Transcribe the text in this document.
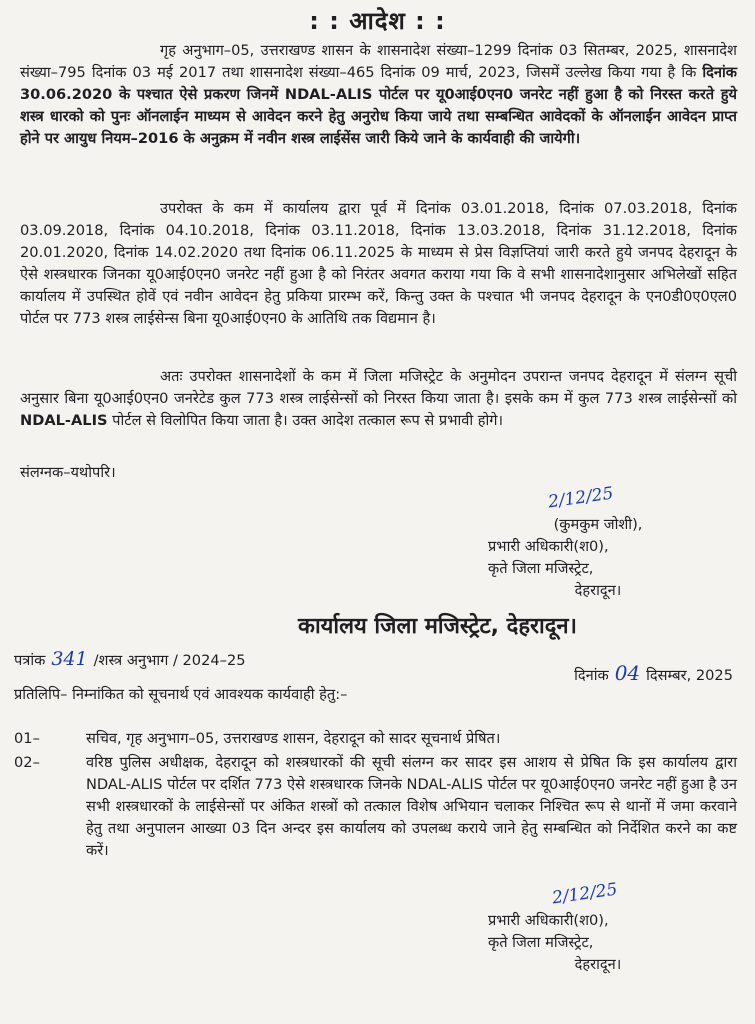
: : आदेश : :
गृह अनुभाग–05, उत्तराखण्ड शासन के शासनादेश संख्या–1299 दिनांक 03 सितम्बर, 2025, शासनादेश संख्या–795 दिनांक 03 मई 2017 तथा शासनादेश संख्या–465 दिनांक 09 मार्च, 2023, जिसमें उल्लेख किया गया है कि दिनांक 30.06.2020 के पश्चात ऐसे प्रकरण जिनमें NDAL-ALIS पोर्टल पर यू0आई0एन0 जनरेट नहीं हुआ है को निरस्त करते हुये शस्त्र धारको को पुनः ऑनलाईन माध्यम से आवेदन करने हेतु अनुरोध किया जाये तथा सम्बन्धित आवेदकों के ऑनलाईन आवेदन प्राप्त होने पर आयुध नियम–2016 के अनुक्रम में नवीन शस्त्र लाईसेंस जारी किये जाने के कार्यवाही की जायेगी।
उपरोक्त के कम में कार्यालय द्वारा पूर्व में दिनांक 03.01.2018, दिनांक 07.03.2018, दिनांक 03.09.2018, दिनांक 04.10.2018, दिनांक 03.11.2018, दिनांक 13.03.2018, दिनांक 31.12.2018, दिनांक 20.01.2020, दिनांक 14.02.2020 तथा दिनांक 06.11.2025 के माध्यम से प्रेस विज्ञप्तियां जारी करते हुये जनपद देहरादून के ऐसे शस्त्रधारक जिनका यू0आई0एन0 जनरेट नहीं हुआ है को निरंतर अवगत कराया गया कि वे सभी शासनादेशानुसार अभिलेखों सहित कार्यालय में उपस्थित होवें एवं नवीन आवेदन हेतु प्रकिया प्रारम्भ करें, किन्तु उक्त के पश्चात भी जनपद देहरादून के एन0डी0ए0एल0 पोर्टल पर 773 शस्त्र लाईसेन्स बिना यू0आई0एन0 के आतिथि तक विद्यमान है।
अतः उपरोक्त शासनादेशों के कम में जिला मजिस्ट्रेट के अनुमोदन उपरान्त जनपद देहरादून में संलग्न सूची अनुसार बिना यू0आई0एन0 जनरेटेड कुल 773 शस्त्र लाईसेन्सों को निरस्त किया जाता है। इसके कम में कुल 773 शस्त्र लाईसेन्सों को NDAL-ALIS पोर्टल से विलोपित किया जाता है। उक्त आदेश तत्काल रूप से प्रभावी होगे।
संलग्नक–यथोपरि।
2/12/25
(कुमकुम जोशी),
प्रभारी अधिकारी(श0),
कृते जिला मजिस्ट्रेट,
देहरादून।
कार्यालय जिला मजिस्ट्रेट, देहरादून।
पत्रांक 341 /शस्त्र अनुभाग / 2024–25
दिनांक 04 दिसम्बर, 2025
प्रतिलिपि– निम्नांकित को सूचनार्थ एवं आवश्यक कार्यवाही हेतु:–
01–	सचिव, गृह अनुभाग–05, उत्तराखण्ड शासन, देहरादून को सादर सूचनार्थ प्रेषित।
02–	वरिष्ठ पुलिस अधीक्षक, देहरादून को शस्त्रधारकों की सूची संलग्न कर सादर इस आशय से प्रेषित कि इस कार्यालय द्वारा NDAL-ALIS पोर्टल पर दर्शित 773 ऐसे शस्त्रधारक जिनके NDAL-ALIS पोर्टल पर यू0आई0एन0 जनरेट नहीं हुआ है उन सभी शस्त्रधारकों के लाईसेन्सों पर अंकित शस्त्रों को तत्काल विशेष अभियान चलाकर निश्चित रूप से थानों में जमा करवाने हेतु तथा अनुपालन आख्या 03 दिन अन्दर इस कार्यालय को उपलब्ध कराये जाने हेतु सम्बन्धित को निर्देशित करने का कष्ट करें।
2/12/25
प्रभारी अधिकारी(श0),
कृते जिला मजिस्ट्रेट,
देहरादून।
